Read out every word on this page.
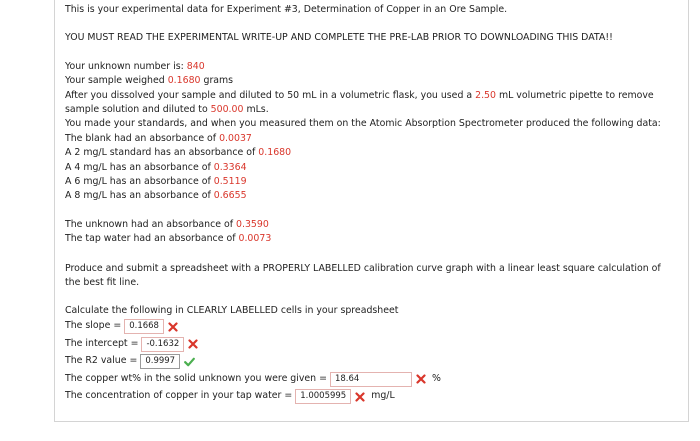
This is your experimental data for Experiment #3, Determination of Copper in an Ore Sample.

YOU MUST READ THE EXPERIMENTAL WRITE-UP AND COMPLETE THE PRE-LAB PRIOR TO DOWNLOADING THIS DATA!!

Your unknown number is: 840

Your sample weighed 0.1680 grams

After you dissolved your sample and diluted to 50 mL in a volumetric flask, you used a 2.50 mL volumetric pipette to remove sample solution and diluted to 500.00 mLs.

You made your standards, and when you measured them on the Atomic Absorption Spectrometer produced the following data:

The blank had an absorbance of 0.0037

A 2 mg/L standard has an absorbance of 0.1680

A 4 mg/L has an absorbance of 0.3364

A 6 mg/L has an absorbance of 0.5119

A 8 mg/L has an absorbance of 0.6655

The unknown had an absorbance of 0.3590

The tap water had an absorbance of 0.0073

Produce and submit a spreadsheet with a PROPERLY LABELLED calibration curve graph with a linear least square calculation of the best fit line.

Calculate the following in CLEARLY LABELLED cells in your spreadsheet

The slope = 0.1668
The intercept = -0.1632
The R2 value = 0.9997
The copper wt% in the solid unknown you were given = 18.64	%
The concentration of copper in your tap water = 1.0005995	mg/L
